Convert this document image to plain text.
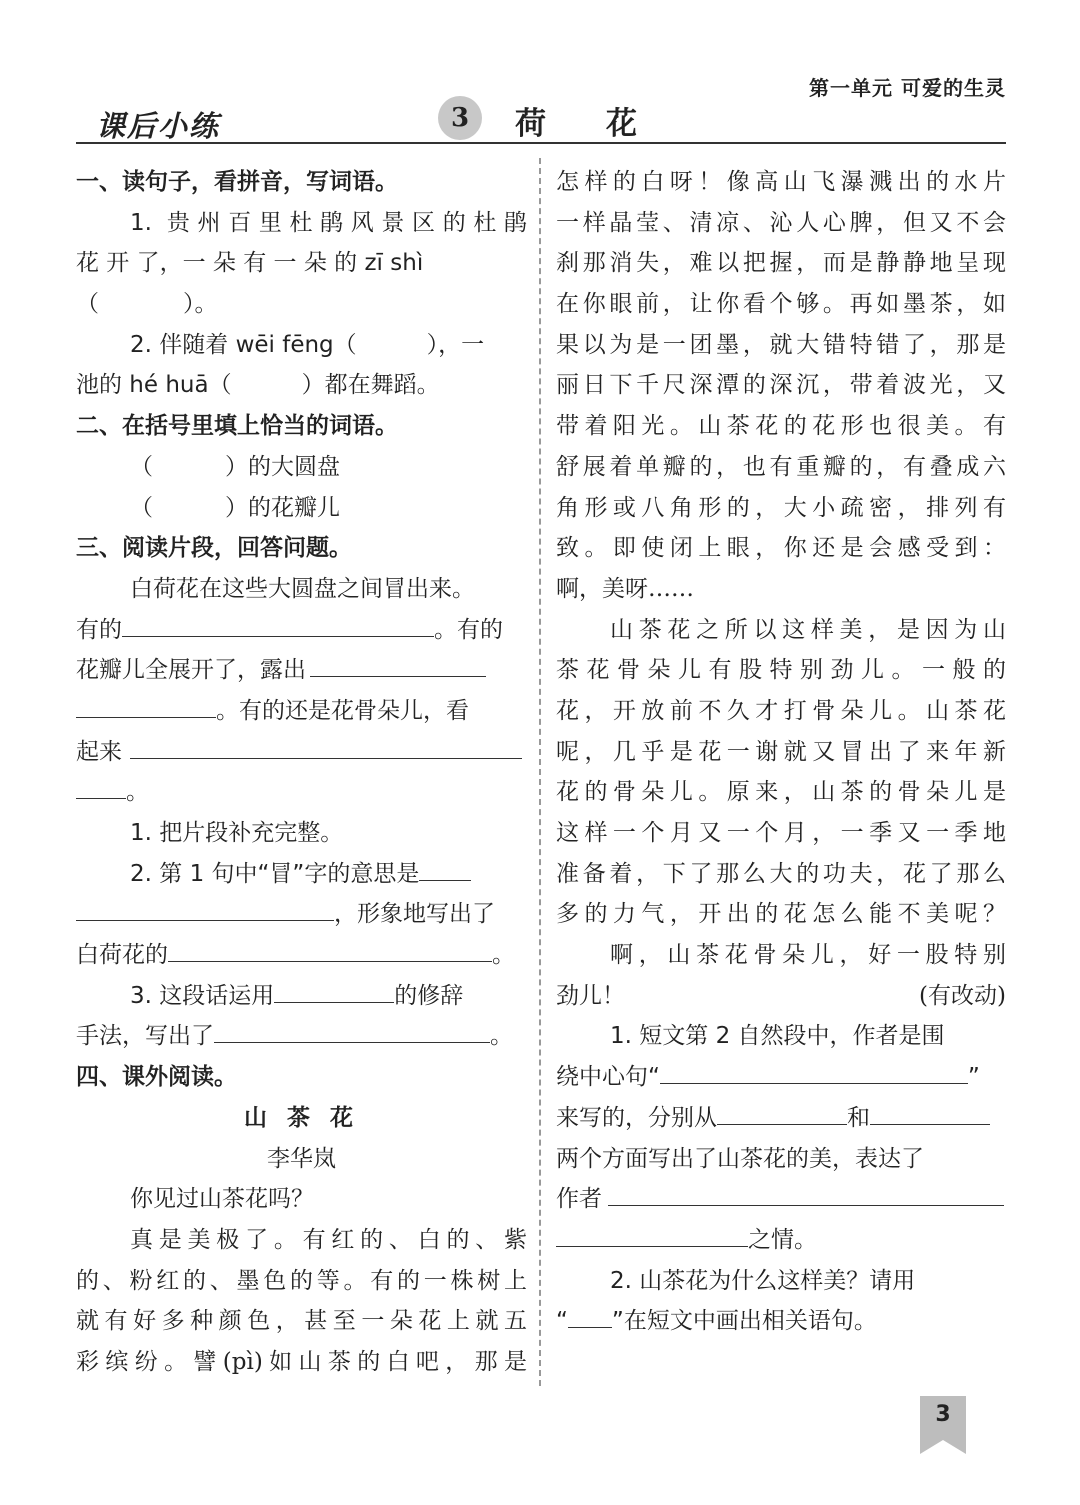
第一单元 可爱的生灵
课后小练	3	荷花
一、读句子，看拼音，写词语。
1. 贵州百里杜鹃风景区的杜鹃
花 开 了，一 朵 有 一 朵 的 zī shì
（	）。
2. 伴随着 wēi fēng（	），一
池的 hé huā（	）都在舞蹈。
二、在括号里填上恰当的词语。
（	）的大圆盘
（	）的花瓣儿
三、阅读片段，回答问题。
白荷花在这些大圆盘之间冒出来。
有的	。有的
花瓣儿全展开了，露出
。有的还是花骨朵儿，看
起来
。
1. 把片段补充完整。
2. 第 1 句中“冒”字的意思是
，形象地写出了
白荷花的	。
3. 这段话运用	的修辞
手法，写出了	。
四、课外阅读。
山 茶 花
李华岚
你见过山茶花吗？
真是美极了。有红的、白的、紫
的、粉红的、墨色的等。有的一株树上
就有好多种颜色，甚至一朵花上就五
彩缤纷。譬(pì)如山茶的白吧，那是
怎样的白呀！像高山飞瀑溅出的水片
一样晶莹、清凉、沁人心脾，但又不会
刹那消失，难以把握，而是静静地呈现
在你眼前，让你看个够。再如墨茶，如
果以为是一团墨，就大错特错了，那是
丽日下千尺深潭的深沉，带着波光，又
带着阳光。山茶花的花形也很美。有
舒展着单瓣的，也有重瓣的，有叠成六
角形或八角形的，大小疏密，排列有
致。即使闭上眼，你还是会感受到：
啊，美呀……
山茶花之所以这样美，是因为山
茶花骨朵儿有股特别劲儿。一般的
花，开放前不久才打骨朵儿。山茶花
呢，几乎是花一谢就又冒出了来年新
花的骨朵儿。原来，山茶的骨朵儿是
这样一个月又一个月，一季又一季地
准备着，下了那么大的功夫，花了那么
多的力气，开出的花怎么能不美呢？
啊，山茶花骨朵儿，好一股特别
劲儿！	(有改动)
1. 短文第 2 自然段中，作者是围
绕中心句“	”
来写的，分别从	和
两个方面写出了山茶花的美，表达了
作者
之情。
2. 山茶花为什么这样美？请用
“ ”在短文中画出相关语句。
3
